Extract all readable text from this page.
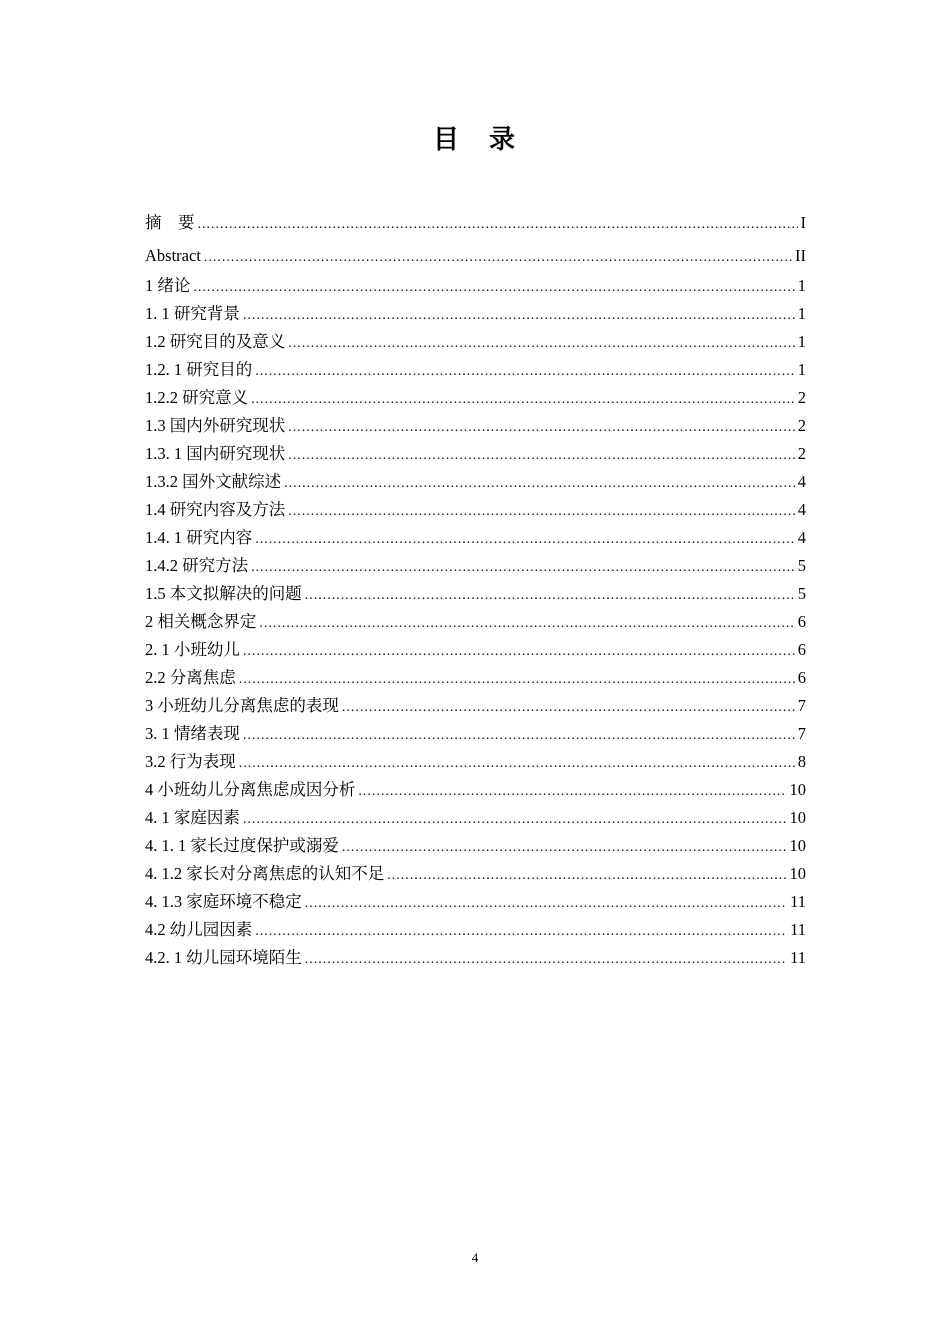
目　录
摘　要 .....	I
Abstract .....	II
1 绪论 .....	1
1. 1 研究背景 .....	1
1.2 研究目的及意义 .....	1
1.2. 1 研究目的 .....	1
1.2.2 研究意义 .....	2
1.3 国内外研究现状 .....	2
1.3. 1 国内研究现状 .....	2
1.3.2 国外文献综述 .....	4
1.4 研究内容及方法 .....	4
1.4. 1 研究内容 .....	4
1.4.2 研究方法 .....	5
1.5 本文拟解决的问题 .....	5
2 相关概念界定 .....	6
2. 1 小班幼儿 .....	6
2.2 分离焦虑 .....	6
3 小班幼儿分离焦虑的表现 .....	7
3. 1 情绪表现 .....	7
3.2 行为表现 .....	8
4 小班幼儿分离焦虑成因分析 .....	10
4. 1 家庭因素 .....	10
4. 1. 1 家长过度保护或溺爱 .....	10
4. 1.2 家长对分离焦虑的认知不足 .....	10
4. 1.3 家庭环境不稳定 .....	11
4.2 幼儿园因素 .....	11
4.2. 1 幼儿园环境陌生 .....	11
4
